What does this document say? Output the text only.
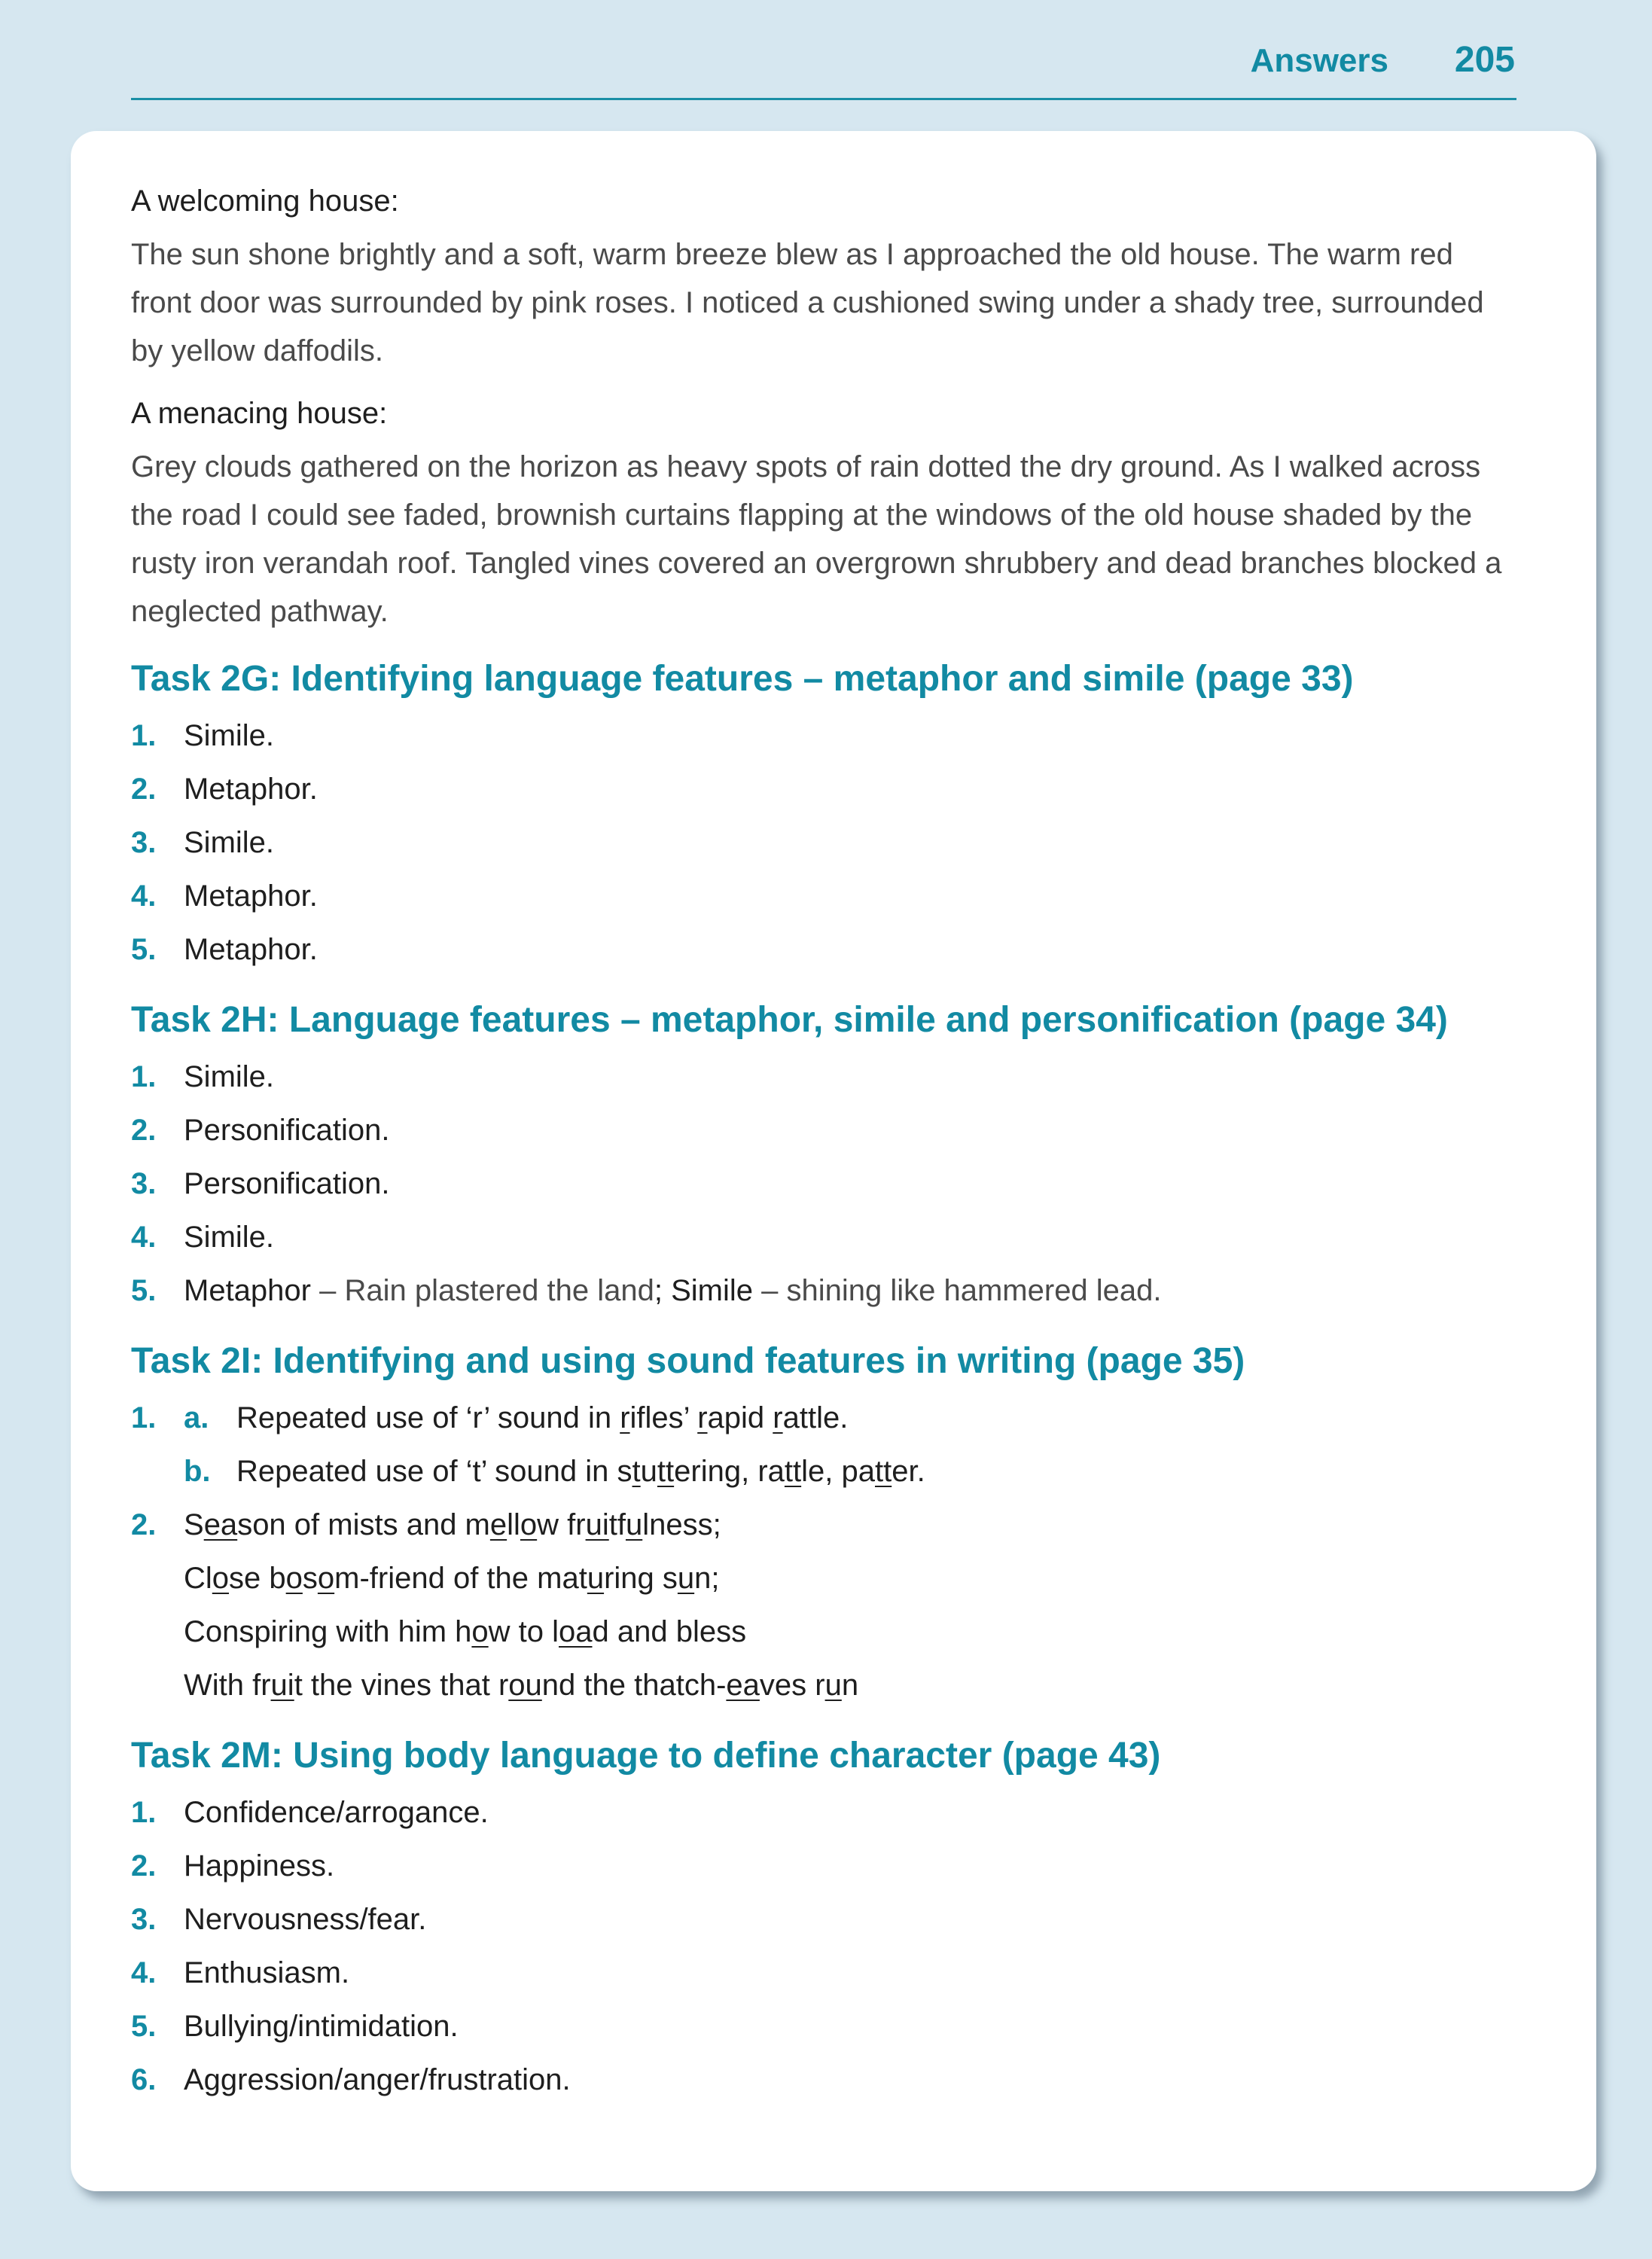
Answers 205
A welcoming house:
The sun shone brightly and a soft, warm breeze blew as I approached the old house. The warm red front door was surrounded by pink roses. I noticed a cushioned swing under a shady tree, surrounded by yellow daffodils.
A menacing house:
Grey clouds gathered on the horizon as heavy spots of rain dotted the dry ground. As I walked across the road I could see faded, brownish curtains flapping at the windows of the old house shaded by the rusty iron verandah roof. Tangled vines covered an overgrown shrubbery and dead branches blocked a neglected pathway.
Task 2G: Identifying language features – metaphor and simile (page 33)
1. Simile.
2. Metaphor.
3. Simile.
4. Metaphor.
5. Metaphor.
Task 2H: Language features – metaphor, simile and personification (page 34)
1. Simile.
2. Personification.
3. Personification.
4. Simile.
5. Metaphor – Rain plastered the land; Simile – shining like hammered lead.
Task 2I: Identifying and using sound features in writing (page 35)
1. a. Repeated use of ‘r’ sound in rifles’ rapid rattle.
b. Repeated use of ‘t’ sound in stuttering, rattle, patter.
2. Season of mists and mellow fruitfulness;
Close bosom-friend of the maturing sun;
Conspiring with him how to load and bless
With fruit the vines that round the thatch-eaves run
Task 2M: Using body language to define character (page 43)
1. Confidence/arrogance.
2. Happiness.
3. Nervousness/fear.
4. Enthusiasm.
5. Bullying/intimidation.
6. Aggression/anger/frustration.
